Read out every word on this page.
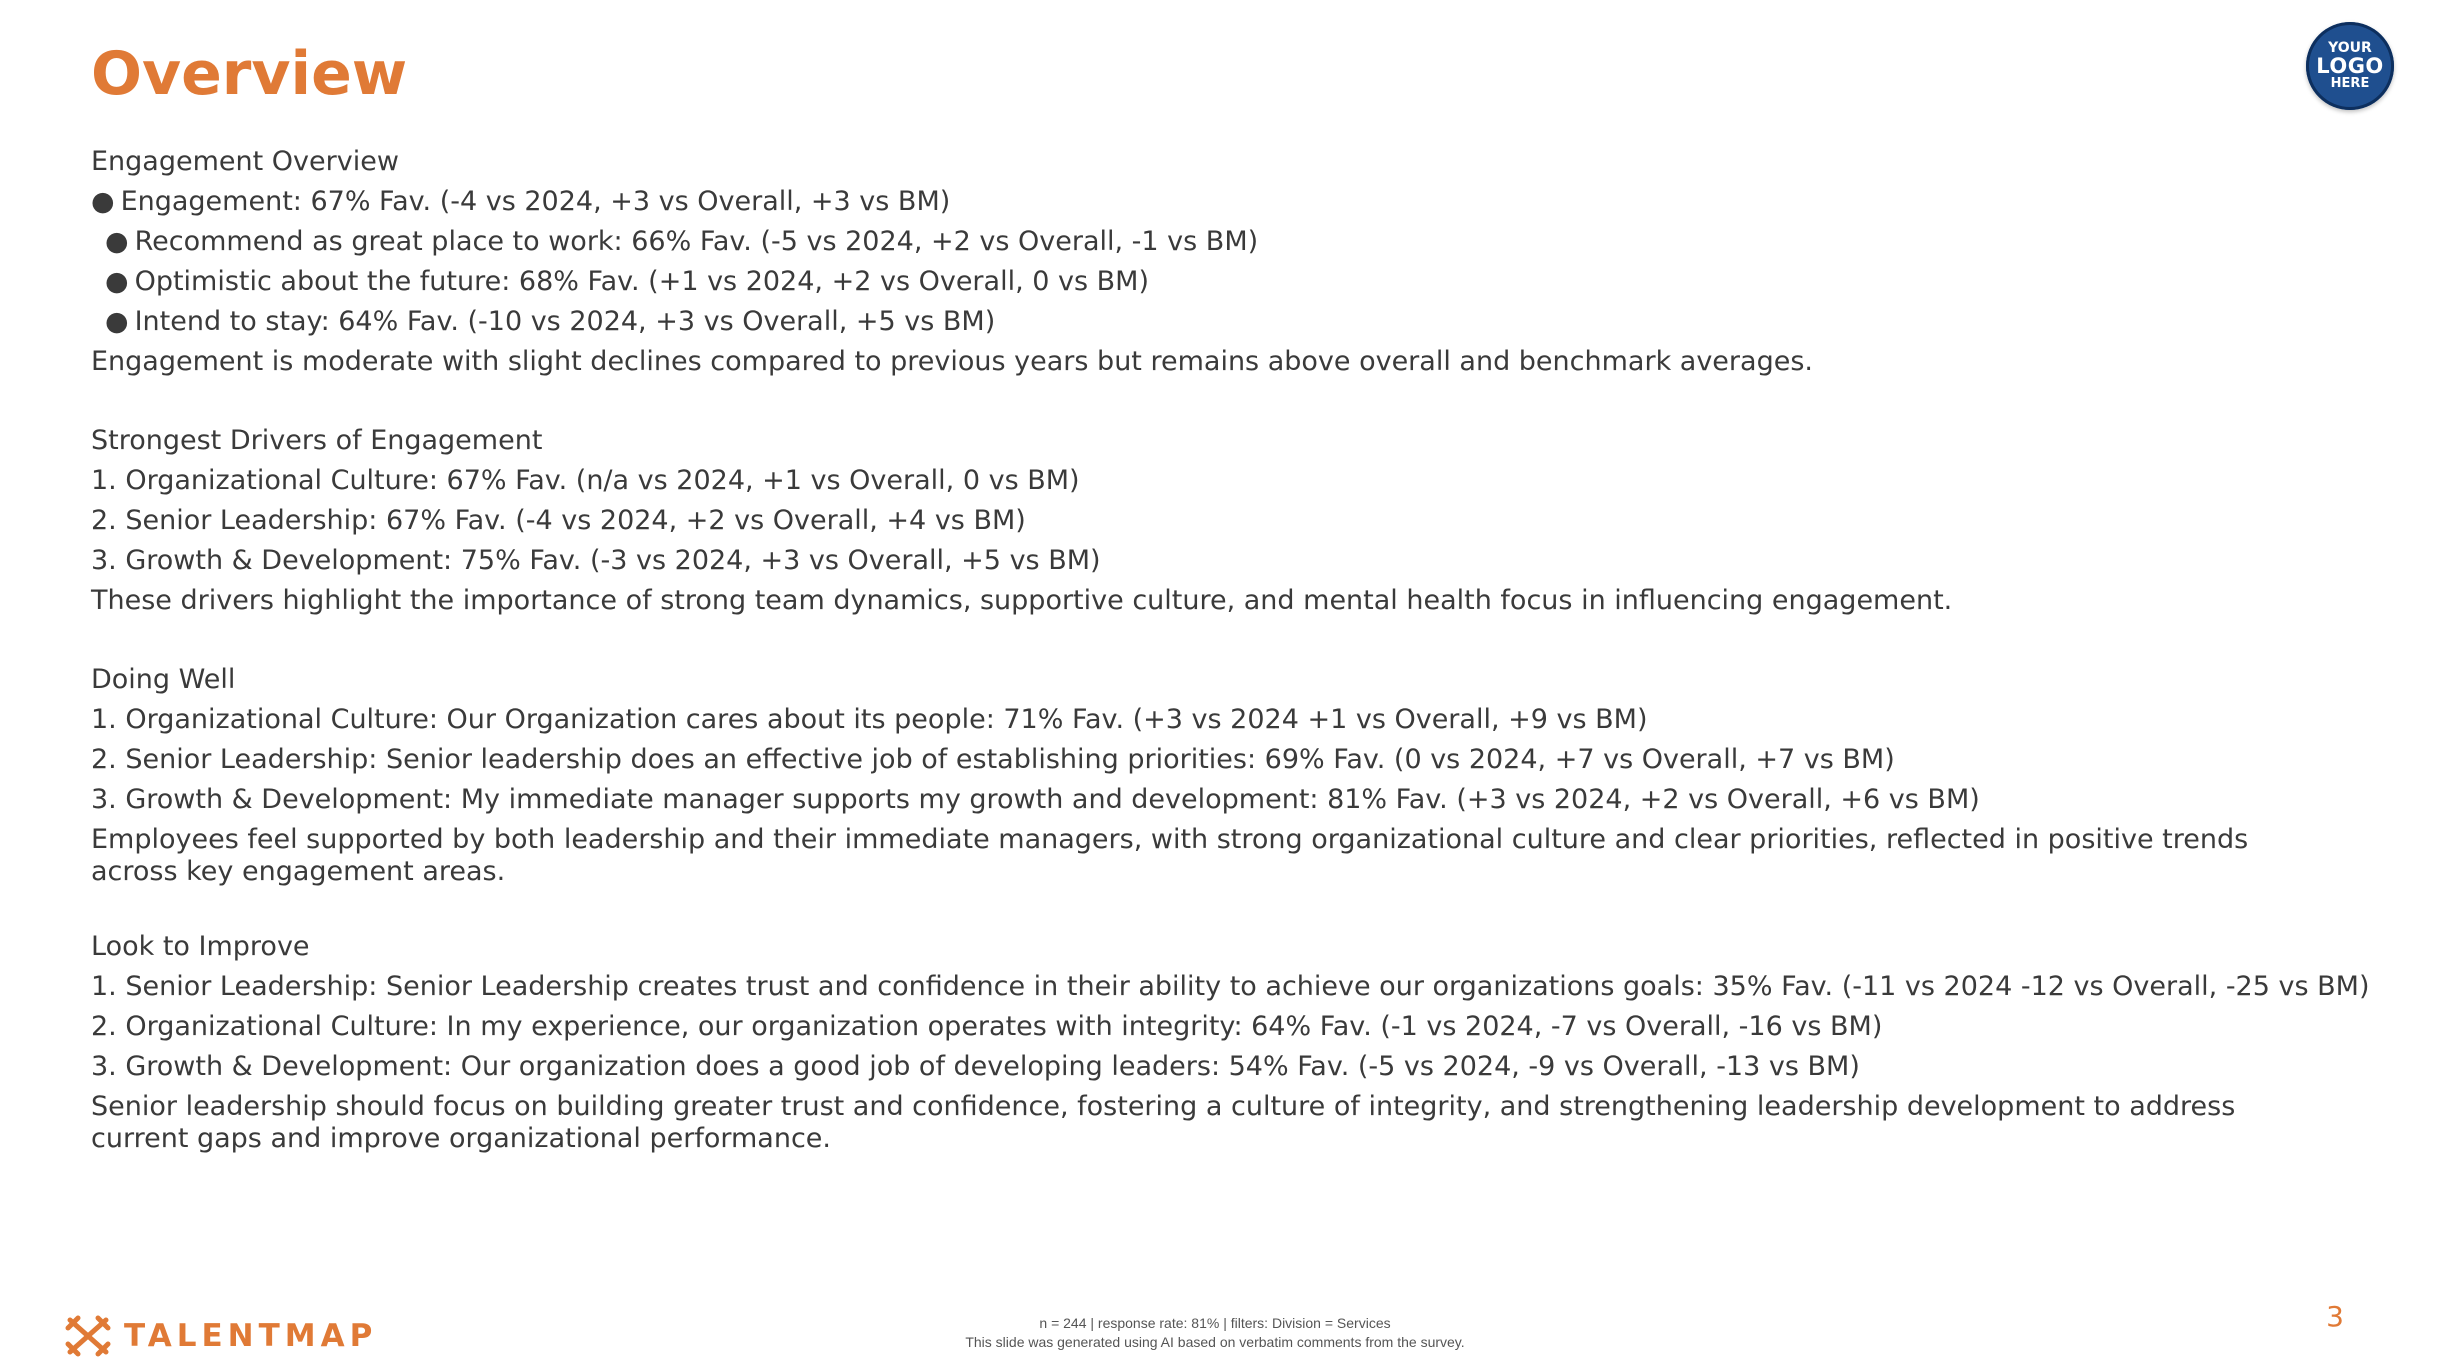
Overview	YOUR
LOGO
HERE
Engagement Overview
● Engagement: 67% Fav. (-4 vs 2024, +3 vs Overall, +3 vs BM)
● Recommend as great place to work: 66% Fav. (-5 vs 2024, +2 vs Overall, -1 vs BM)
● Optimistic about the future: 68% Fav. (+1 vs 2024, +2 vs Overall, 0 vs BM)
● Intend to stay: 64% Fav. (-10 vs 2024, +3 vs Overall, +5 vs BM)
Engagement is moderate with slight declines compared to previous years but remains above overall and benchmark averages.
Strongest Drivers of Engagement
1. Organizational Culture: 67% Fav. (n/a vs 2024, +1 vs Overall, 0 vs BM)
2. Senior Leadership: 67% Fav. (-4 vs 2024, +2 vs Overall, +4 vs BM)
3. Growth & Development: 75% Fav. (-3 vs 2024, +3 vs Overall, +5 vs BM)
These drivers highlight the importance of strong team dynamics, supportive culture, and mental health focus in influencing engagement.
Doing Well
1. Organizational Culture: Our Organization cares about its people: 71% Fav. (+3 vs 2024 +1 vs Overall, +9 vs BM)
2. Senior Leadership: Senior leadership does an effective job of establishing priorities: 69% Fav. (0 vs 2024, +7 vs Overall, +7 vs BM)
3. Growth & Development: My immediate manager supports my growth and development: 81% Fav. (+3 vs 2024, +2 vs Overall, +6 vs BM)
Employees feel supported by both leadership and their immediate managers, with strong organizational culture and clear priorities, reflected in positive trends across key engagement areas.
Look to Improve
1. Senior Leadership: Senior Leadership creates trust and confidence in their ability to achieve our organizations goals: 35% Fav. (-11 vs 2024 -12 vs Overall, -25 vs BM)
2. Organizational Culture: In my experience, our organization operates with integrity: 64% Fav. (-1 vs 2024, -7 vs Overall, -16 vs BM)
3. Growth & Development: Our organization does a good job of developing leaders: 54% Fav. (-5 vs 2024, -9 vs Overall, -13 vs BM)
Senior leadership should focus on building greater trust and confidence, fostering a culture of integrity, and strengthening leadership development to address current gaps and improve organizational performance.
TALENTMAP	n = 244 | response rate: 81% | filters: Division = Services
This slide was generated using AI based on verbatim comments from the survey.
3
